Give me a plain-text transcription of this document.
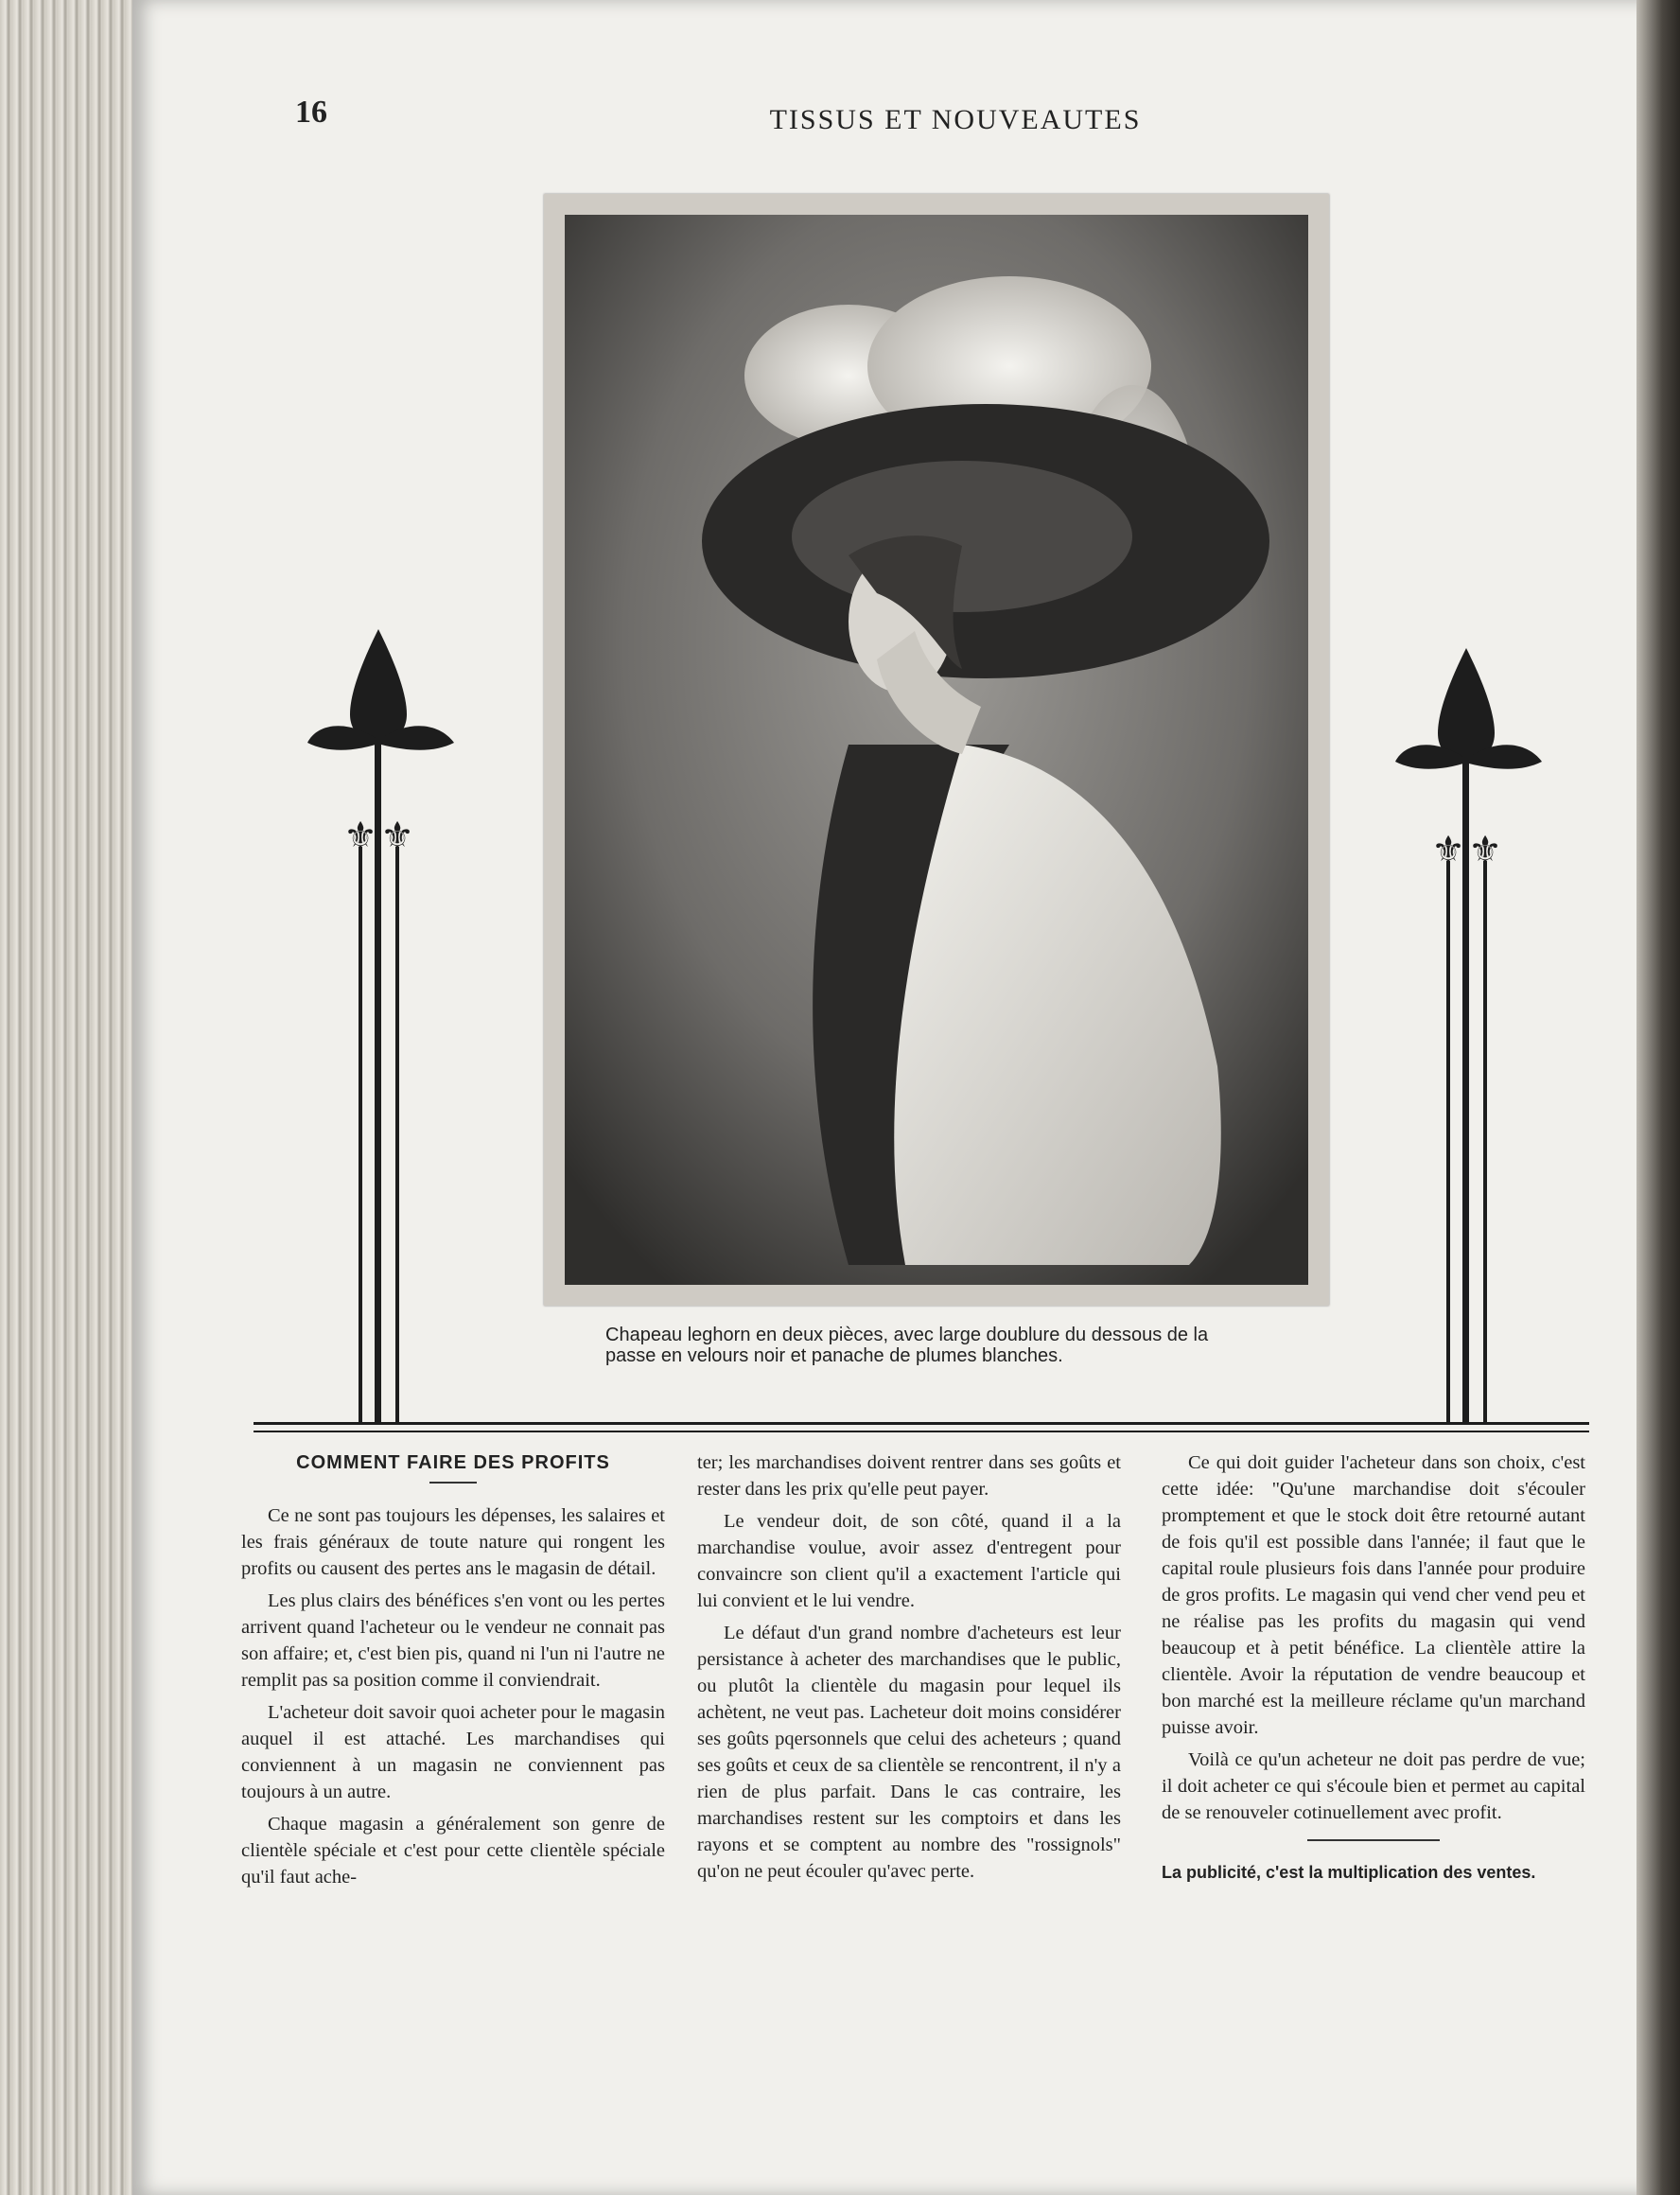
16	TISSUS ET NOUVEAUTES
Chapeau leghorn en deux pièces, avec large doublure du dessous de la passe en velours noir et panache de plumes blanches.
⚜ ⚜	⚜ ⚜

COMMENT FAIRE DES PROFITS

Ce ne sont pas toujours les dépenses, les salaires et les frais généraux de toute nature qui rongent les profits ou causent des pertes ans le magasin de détail.

Les plus clairs des bénéfices s'en vont ou les pertes arrivent quand l'acheteur ou le vendeur ne connait pas son affaire; et, c'est bien pis, quand ni l'un ni l'autre ne remplit pas sa position comme il conviendrait.

L'acheteur doit savoir quoi acheter pour le magasin auquel il est attaché. Les marchandises qui conviennent à un magasin ne conviennent pas toujours à un autre.

Chaque magasin a généralement son genre de clientèle spéciale et c'est pour cette clientèle spéciale qu'il faut ache-

ter; les marchandises doivent rentrer dans ses goûts et rester dans les prix qu'elle peut payer.

Le vendeur doit, de son côté, quand il a la marchandise voulue, avoir assez d'entregent pour convaincre son client qu'il a exactement l'article qui lui convient et le lui vendre.

Le défaut d'un grand nombre d'acheteurs est leur persistance à acheter des marchandises que le public, ou plutôt la clientèle du magasin pour lequel ils achètent, ne veut pas. Lacheteur doit moins considérer ses goûts pqersonnels que celui des acheteurs ; quand ses goûts et ceux de sa clientèle se rencontrent, il n'y a rien de plus parfait. Dans le cas contraire, les marchandises restent sur les comptoirs et dans les rayons et se comptent au nombre des "rossignols" qu'on ne peut écouler qu'avec perte.

Ce qui doit guider l'acheteur dans son choix, c'est cette idée: "Qu'une marchandise doit s'écouler promptement et que le stock doit être retourné autant de fois qu'il est possible dans l'année; il faut que le capital roule plusieurs fois dans l'année pour produire de gros profits. Le magasin qui vend cher vend peu et ne réalise pas les profits du magasin qui vend beaucoup et à petit bénéfice. La clientèle attire la clientèle. Avoir la réputation de vendre beaucoup et bon marché est la meilleure réclame qu'un marchand puisse avoir.

Voilà ce qu'un acheteur ne doit pas perdre de vue; il doit acheter ce qui s'écoule bien et permet au capital de se renouveler cotinuellement avec profit.

La publicité, c'est la multiplication des ventes.
